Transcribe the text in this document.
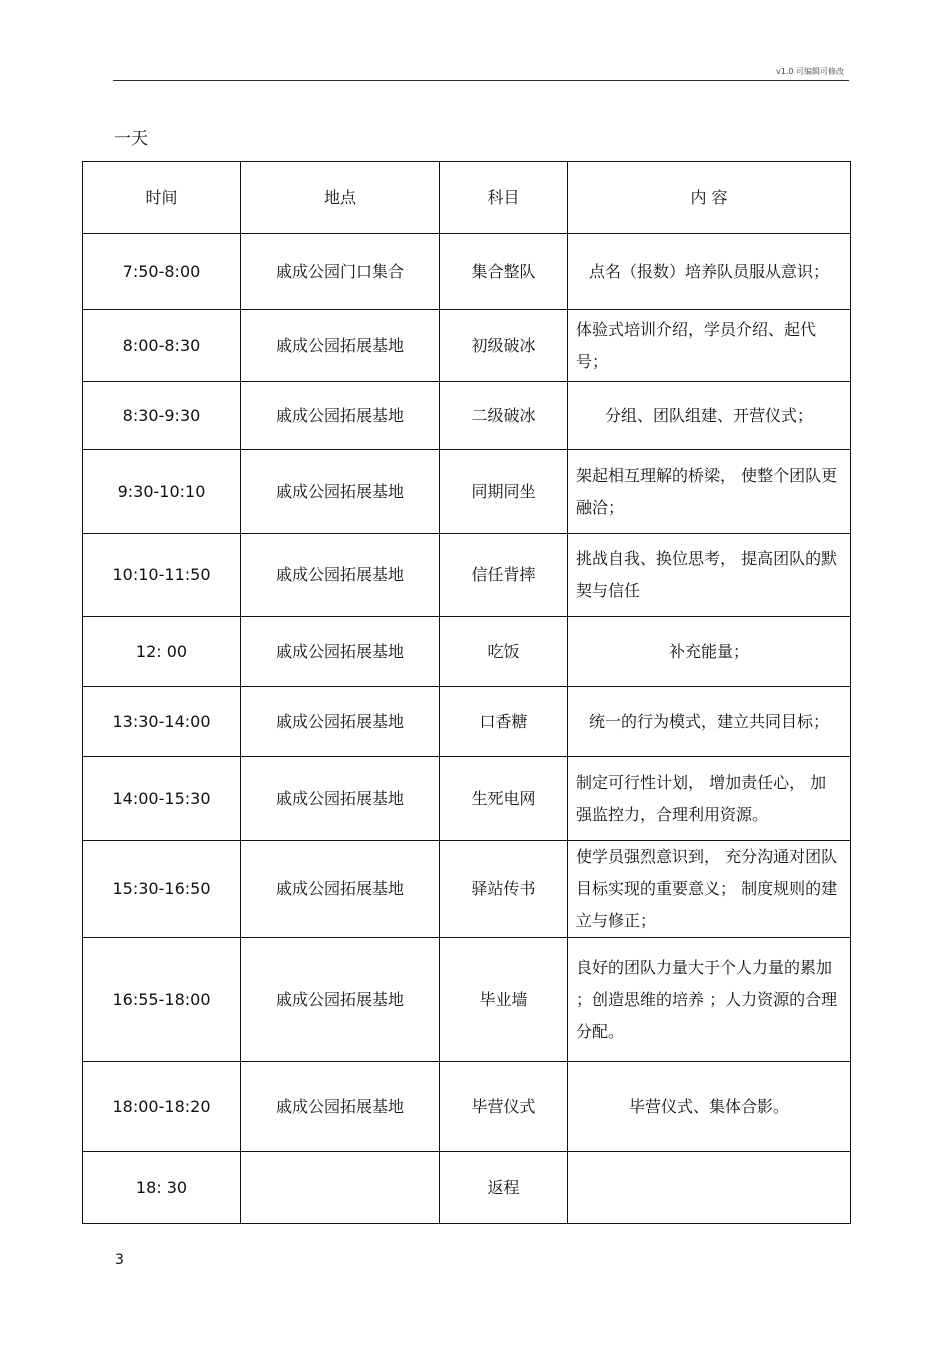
v1.0 可编辑可修改
一天
时间	地点	科目	内 容
7:50-8:00	戚成公园门口集合	集合整队	点名（报数）培养队员服从意识；
8:00-8:30	戚成公园拓展基地	初级破冰	体验式培训介绍，学员介绍、起代号；
8:30-9:30	戚成公园拓展基地	二级破冰	分组、团队组建、开营仪式；
9:30-10:10	戚成公园拓展基地	同期同坐	架起相互理解的桥梁， 使整个团队更融洽；
10:10-11:50	戚成公园拓展基地	信任背摔	挑战自我、换位思考， 提高团队的默契与信任
12: 00	戚成公园拓展基地	吃饭	补充能量；
13:30-14:00	戚成公园拓展基地	口香糖	统一的行为模式，建立共同目标；
14:00-15:30	戚成公园拓展基地	生死电网	制定可行性计划， 增加责任心， 加强监控力，合理利用资源。
15:30-16:50	戚成公园拓展基地	驿站传书	使学员强烈意识到， 充分沟通对团队目标实现的重要意义； 制度规则的建立与修正；
16:55-18:00	戚成公园拓展基地	毕业墙	良好的团队力量大于个人力量的累加 ；创造思维的培养 ；人力资源的合理分配。
18:00-18:20	戚成公园拓展基地	毕营仪式	毕营仪式、集体合影。
18: 30		返程	
3
